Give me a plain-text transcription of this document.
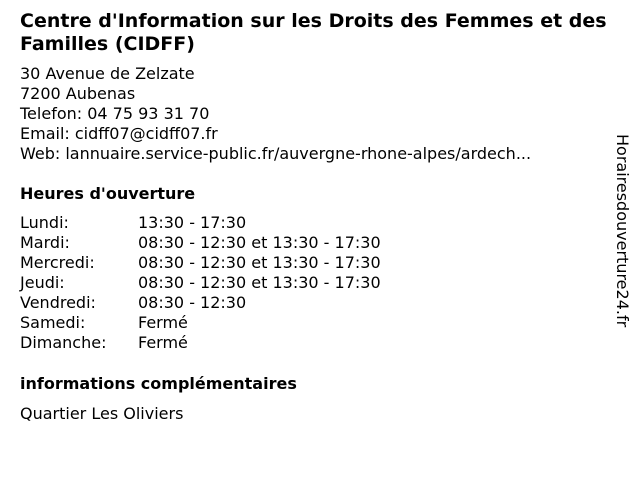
Centre d'Information sur les Droits des Femmes et des Familles (CIDFF)
30 Avenue de Zelzate
7200 Aubenas
Telefon: 04 75 93 31 70
Email: cidff07@cidff07.fr
Web: lannuaire.service-public.fr/auvergne-rhone-alpes/ardech...
Heures d'ouverture
Lundi:	13:30 - 17:30
Mardi:	08:30 - 12:30 et 13:30 - 17:30
Mercredi:	08:30 - 12:30 et 13:30 - 17:30
Jeudi:	08:30 - 12:30 et 13:30 - 17:30
Vendredi:	08:30 - 12:30
Samedi:	Fermé
Dimanche: Fermé
informations complémentaires
Quartier Les Oliviers
Horairesdouverture24.fr
